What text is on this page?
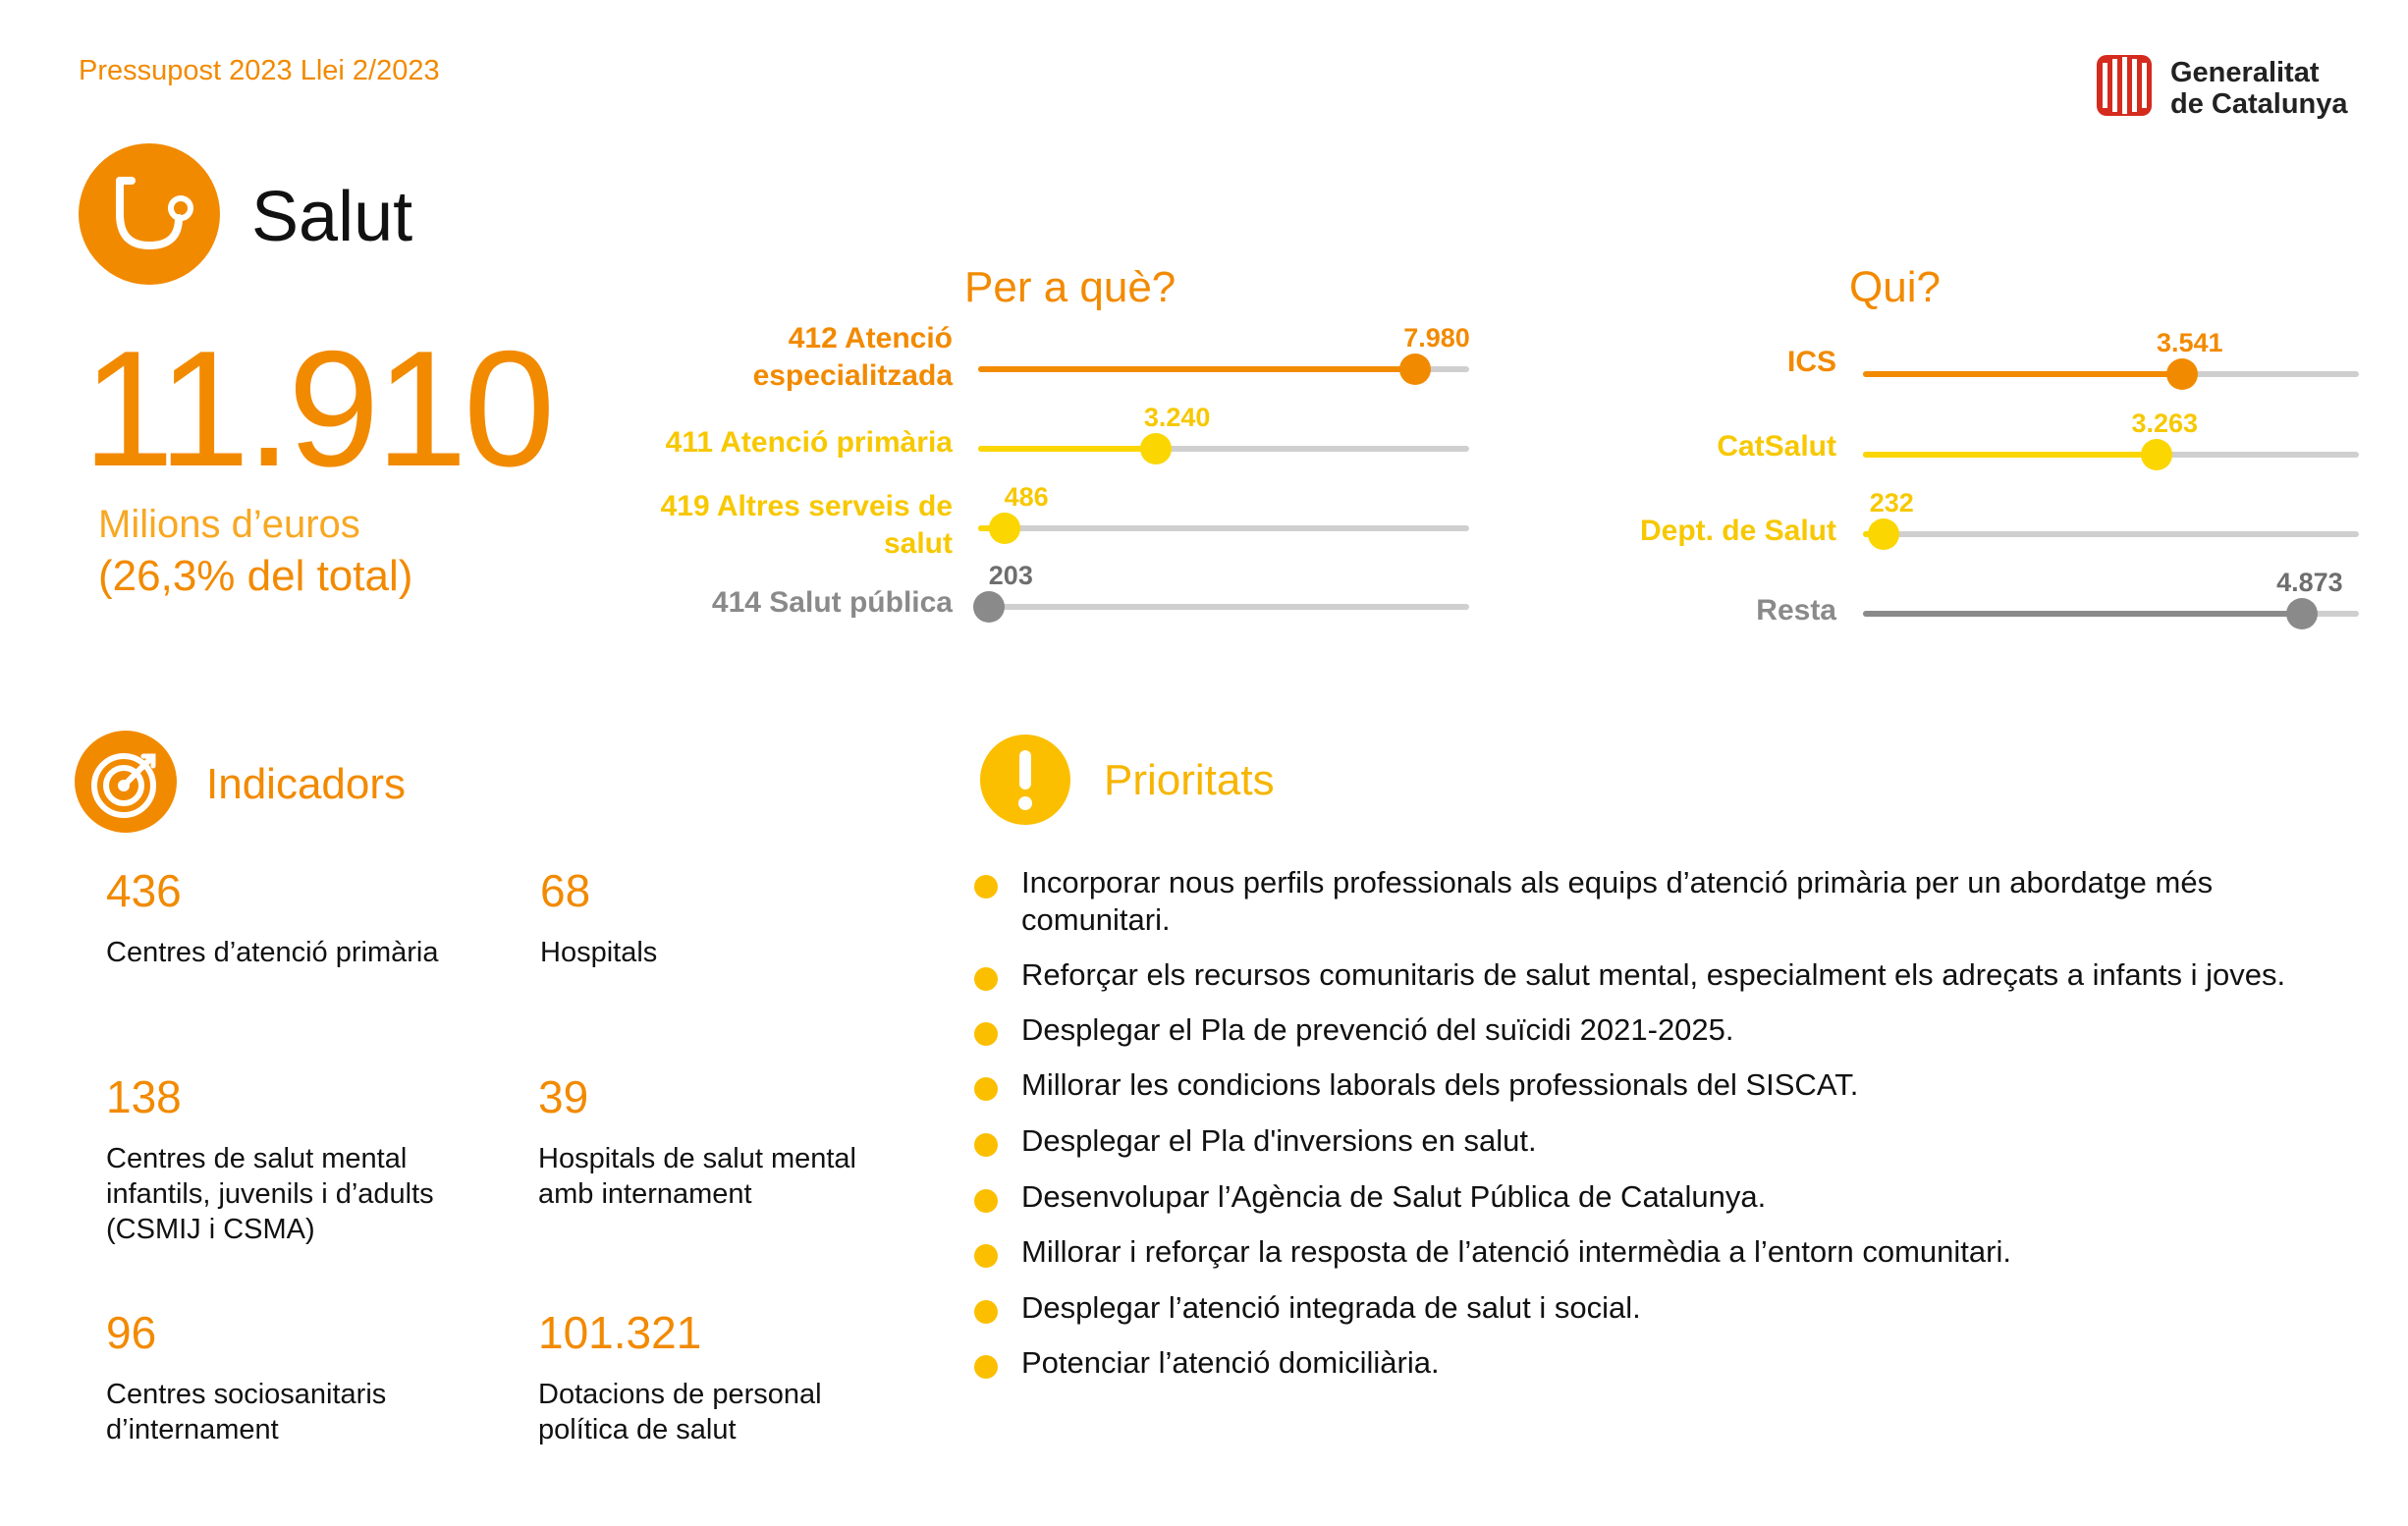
Pressupost 2023 Llei 2/2023	Generalitat
de Catalunya
Salut
11.910
Milions d’euros
(26,3% del total)
Per a què?
412 Atenció especialitzada
7.980
411 Atenció primària
3.240
419 Altres serveis de salut
486
414 Salut pública
203
Qui?
ICS
3.541
CatSalut
3.263
Dept. de Salut
232
Resta
4.873
Indicadors
436
Centres d’atenció primària
68
Hospitals
138
Centres de salut mental infantils, juvenils i d’adults (CSMIJ i CSMA)
39
Hospitals de salut mental amb internament
96
Centres sociosanitaris d’internament
101.321
Dotacions de personal política de salut
Prioritats
Incorporar nous perfils professionals als equips d’atenció primària per un abordatge més comunitari.
Reforçar els recursos comunitaris de salut mental, especialment els adreçats a infants i joves.
Desplegar el Pla de prevenció del suïcidi 2021-2025.
Millorar les condicions laborals dels professionals del SISCAT.
Desplegar el Pla d'inversions en salut.
Desenvolupar l’Agència de Salut Pública de Catalunya.
Millorar i reforçar la resposta de l’atenció intermèdia a l’entorn comunitari.
Desplegar l’atenció integrada de salut i social.
Potenciar l’atenció domiciliària.
